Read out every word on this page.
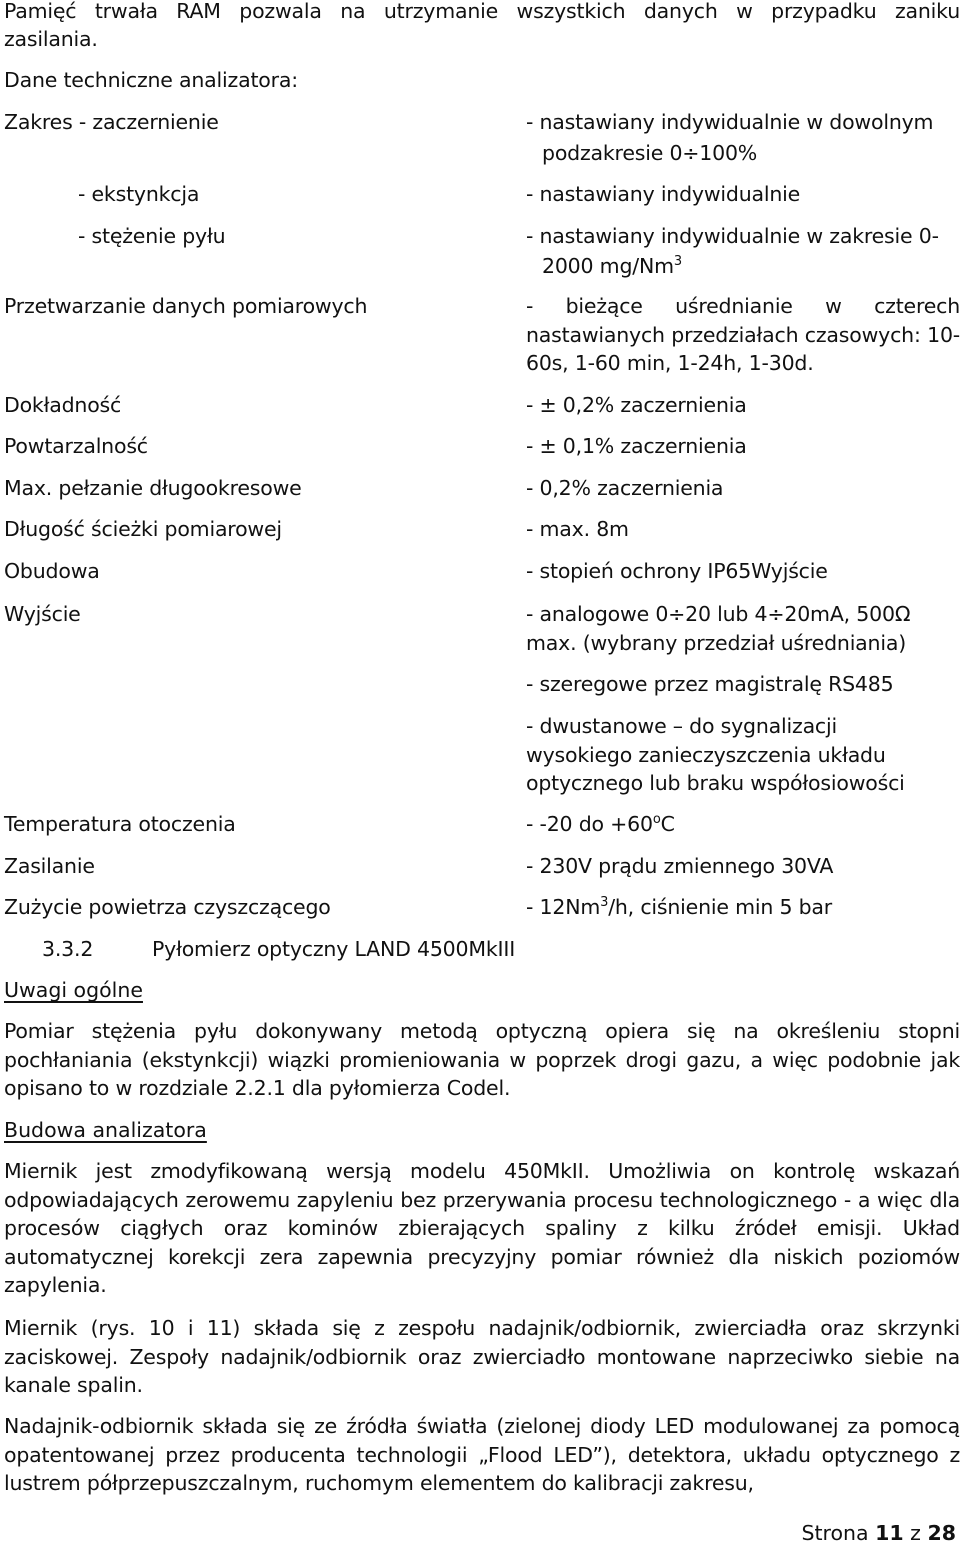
Pamięć trwała RAM pozwala na utrzymanie wszystkich danych w przypadku zaniku
zasilania.
Dane techniczne analizatora:
Zakres - zaczernienie	- nastawiany indywidualnie w dowolnym
podzakresie 0÷100%
- ekstynkcja	- nastawiany indywidualnie
- stężenie pyłu	- nastawiany indywidualnie w zakresie 0-
2000 mg/Nm$^3$
Przetwarzanie danych pomiarowych	- bieżące uśrednianie w czterech nastawianych przedziałach czasowych: 10-60s, 1-60 min, 1-24h, 1-30d.
Dokładność	- ± 0,2% zaczernienia
Powtarzalność	- ± 0,1% zaczernienia
Max. pełzanie długookresowe	- 0,2% zaczernienia
Długość ścieżki pomiarowej	- max. 8m
Obudowa	- stopień ochrony IP65Wyjście
Wyjście	- analogowe 0÷20 lub 4÷20mA, 500Ω max. (wybrany przedział uśredniania)
- szeregowe przez magistralę RS485
- dwustanowe – do sygnalizacji wysokiego zanieczyszczenia układu optycznego lub braku współosiowości
Temperatura otoczenia	- -20 do $+60^oC$
Zasilanie	- 230V prądu zmiennego 30VA
Zużycie powietrza czyszczącego	- 12Nm$^3$/h, ciśnienie min 5 bar
3.3.2	Pyłomierz optyczny LAND 4500MkIII
Uwagi ogólne
Pomiar stężenia pyłu dokonywany metodą optyczną opiera się na określeniu stopni pochłaniania (ekstynkcji) wiązki promieniowania w poprzek drogi gazu, a więc podobnie jak opisano to w rozdziale 2.2.1 dla pyłomierza Codel.
Budowa analizatora
Miernik jest zmodyfikowaną wersją modelu 450MkII. Umożliwia on kontrolę wskazań odpowiadających zerowemu zapyleniu bez przerywania procesu technologicznego - a więc dla procesów ciągłych oraz kominów zbierających spaliny z kilku źródeł emisji. Układ automatycznej korekcji zera zapewnia precyzyjny pomiar również dla niskich poziomów zapylenia.
Miernik (rys. 10 i 11) składa się z zespołu nadajnik/odbiornik, zwierciadła oraz skrzynki zaciskowej. Zespoły nadajnik/odbiornik oraz zwierciadło montowane naprzeciwko siebie na kanale spalin.
Nadajnik-odbiornik składa się ze źródła światła (zielonej diody LED modulowanej za pomocą opatentowanej przez producenta technologii „Flood LED”), detektora, układu optycznego z lustrem półprzepuszczalnym, ruchomym elementem do kalibracji zakresu,
Strona 11 z 28
